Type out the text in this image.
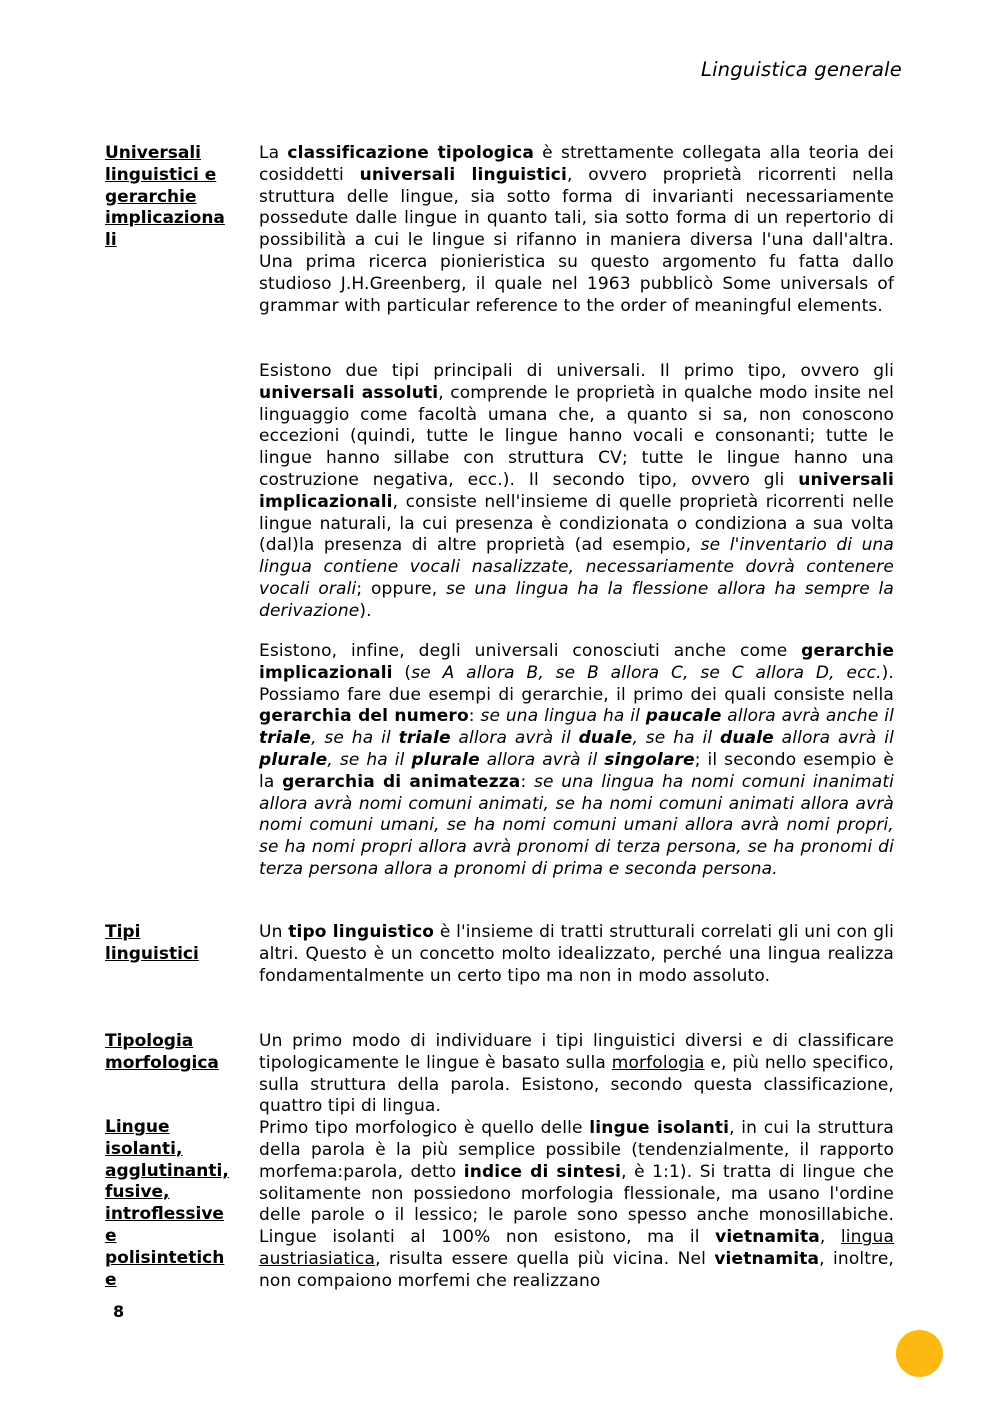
Linguistica generale
Universali
linguistici e
gerarchie
implicaziona
li
Tipi
linguistici
Tipologia
morfologica
Lingue
isolanti,
agglutinanti,
fusive,
introflessive
e
polisintetich
e
La classificazione tipologica è strettamente collegata alla teoria dei cosiddetti universali linguistici, ovvero proprietà ricorrenti nella struttura delle lingue, sia sotto forma di invarianti necessariamente possedute dalle lingue in quanto tali, sia sotto forma di un repertorio di possibilità a cui le lingue si rifanno in maniera diversa l'una dall'altra. Una prima ricerca pionieristica su questo argomento fu fatta dallo studioso J.H.Greenberg, il quale nel 1963 pubblicò Some universals of grammar with particular reference to the order of meaningful elements.
Esistono due tipi principali di universali. Il primo tipo, ovvero gli universali assoluti, comprende le proprietà in qualche modo insite nel linguaggio come facoltà umana che, a quanto si sa, non conoscono eccezioni (quindi, tutte le lingue hanno vocali e consonanti; tutte le lingue hanno sillabe con struttura CV; tutte le lingue hanno una costruzione negativa, ecc.). Il secondo tipo, ovvero gli universali implicazionali, consiste nell'insieme di quelle proprietà ricorrenti nelle lingue naturali, la cui presenza è condizionata o condiziona a sua volta (dal)la presenza di altre proprietà (ad esempio, se l'inventario di una lingua contiene vocali nasalizzate, necessariamente dovrà contenere vocali orali; oppure, se una lingua ha la flessione allora ha sempre la derivazione).
Esistono, infine, degli universali conosciuti anche come gerarchie implicazionali (se A allora B, se B allora C, se C allora D, ecc.). Possiamo fare due esempi di gerarchie, il primo dei quali consiste nella gerarchia del numero: se una lingua ha il paucale allora avrà anche il triale, se ha il triale allora avrà il duale, se ha il duale allora avrà il plurale, se ha il plurale allora avrà il singolare; il secondo esempio è la gerarchia di animatezza: se una lingua ha nomi comuni inanimati allora avrà nomi comuni animati, se ha nomi comuni animati allora avrà nomi comuni umani, se ha nomi comuni umani allora avrà nomi propri, se ha nomi propri allora avrà pronomi di terza persona, se ha pronomi di terza persona allora a pronomi di prima e seconda persona.
Un tipo linguistico è l'insieme di tratti strutturali correlati gli uni con gli altri. Questo è un concetto molto idealizzato, perché una lingua realizza fondamentalmente un certo tipo ma non in modo assoluto.
Un primo modo di individuare i tipi linguistici diversi e di classificare tipologicamente le lingue è basato sulla morfologia e, più nello specifico, sulla struttura della parola. Esistono, secondo questa classificazione, quattro tipi di lingua.
Primo tipo morfologico è quello delle lingue isolanti, in cui la struttura della parola è la più semplice possibile (tendenzialmente, il rapporto morfema:parola, detto indice di sintesi, è 1:1). Si tratta di lingue che solitamente non possiedono morfologia flessionale, ma usano l'ordine delle parole o il lessico; le parole sono spesso anche monosillabiche. Lingue isolanti al 100% non esistono, ma il vietnamita, lingua austriasiatica, risulta essere quella più vicina. Nel vietnamita, inoltre, non compaiono morfemi che realizzano
8
